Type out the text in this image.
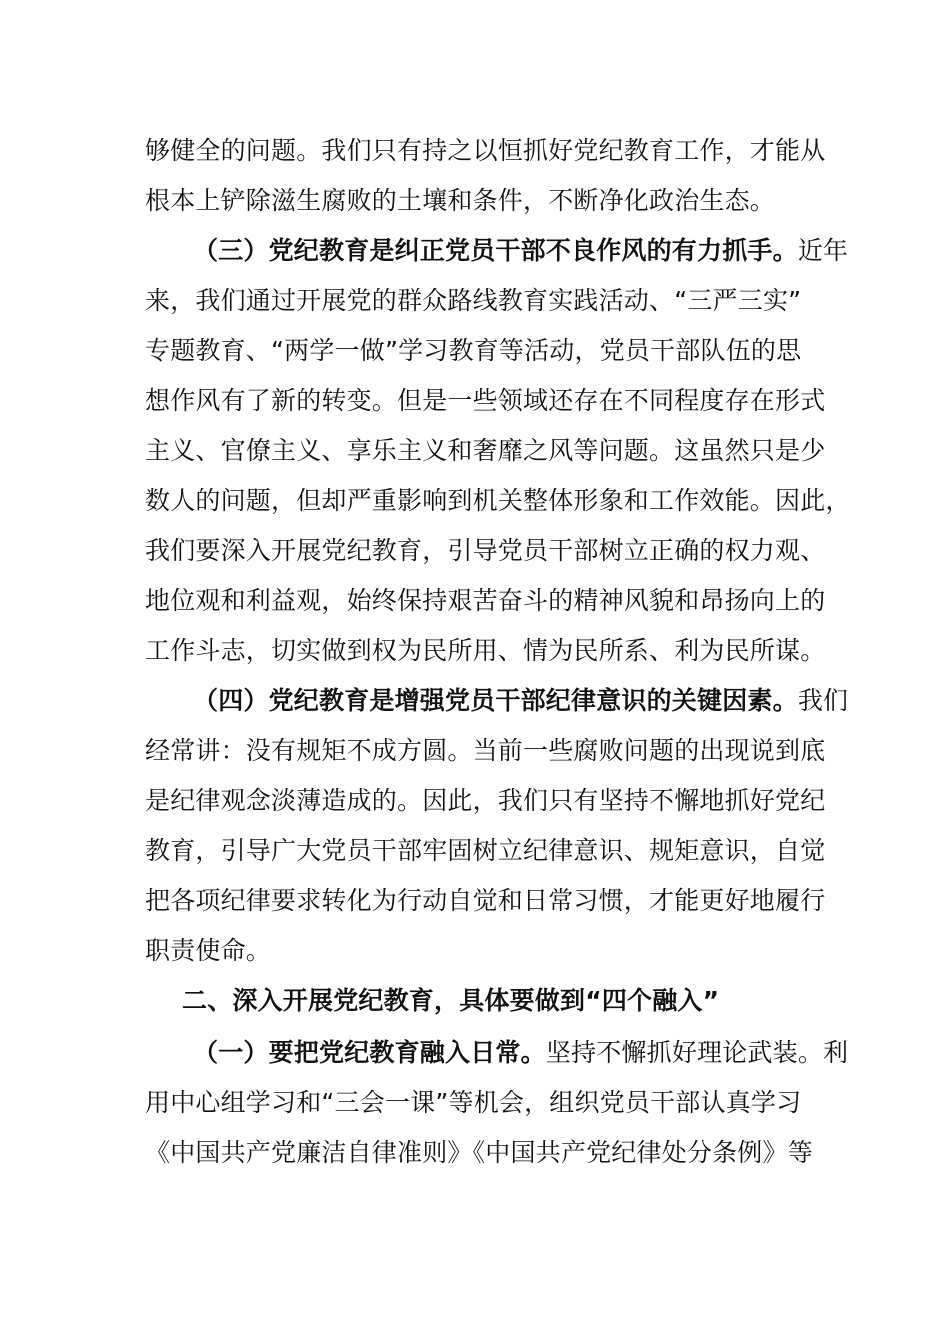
够健全的问题。我们只有持之以恒抓好党纪教育工作，才能从
根本上铲除滋生腐败的土壤和条件，不断净化政治生态。
（三）党纪教育是纠正党员干部不良作风的有力抓手。近年
来，我们通过开展党的群众路线教育实践活动、“三严三实”
专题教育、“两学一做”学习教育等活动，党员干部队伍的思
想作风有了新的转变。但是一些领域还存在不同程度存在形式
主义、官僚主义、享乐主义和奢靡之风等问题。这虽然只是少
数人的问题，但却严重影响到机关整体形象和工作效能。因此，
我们要深入开展党纪教育，引导党员干部树立正确的权力观、
地位观和利益观，始终保持艰苦奋斗的精神风貌和昂扬向上的
工作斗志，切实做到权为民所用、情为民所系、利为民所谋。
（四）党纪教育是增强党员干部纪律意识的关键因素。我们
经常讲：没有规矩不成方圆。当前一些腐败问题的出现说到底
是纪律观念淡薄造成的。因此，我们只有坚持不懈地抓好党纪
教育，引导广大党员干部牢固树立纪律意识、规矩意识，自觉
把各项纪律要求转化为行动自觉和日常习惯，才能更好地履行
职责使命。
二、深入开展党纪教育，具体要做到“四个融入”
（一）要把党纪教育融入日常。坚持不懈抓好理论武装。利
用中心组学习和“三会一课”等机会，组织党员干部认真学习
《中国共产党廉洁自律准则》《中国共产党纪律处分条例》等
